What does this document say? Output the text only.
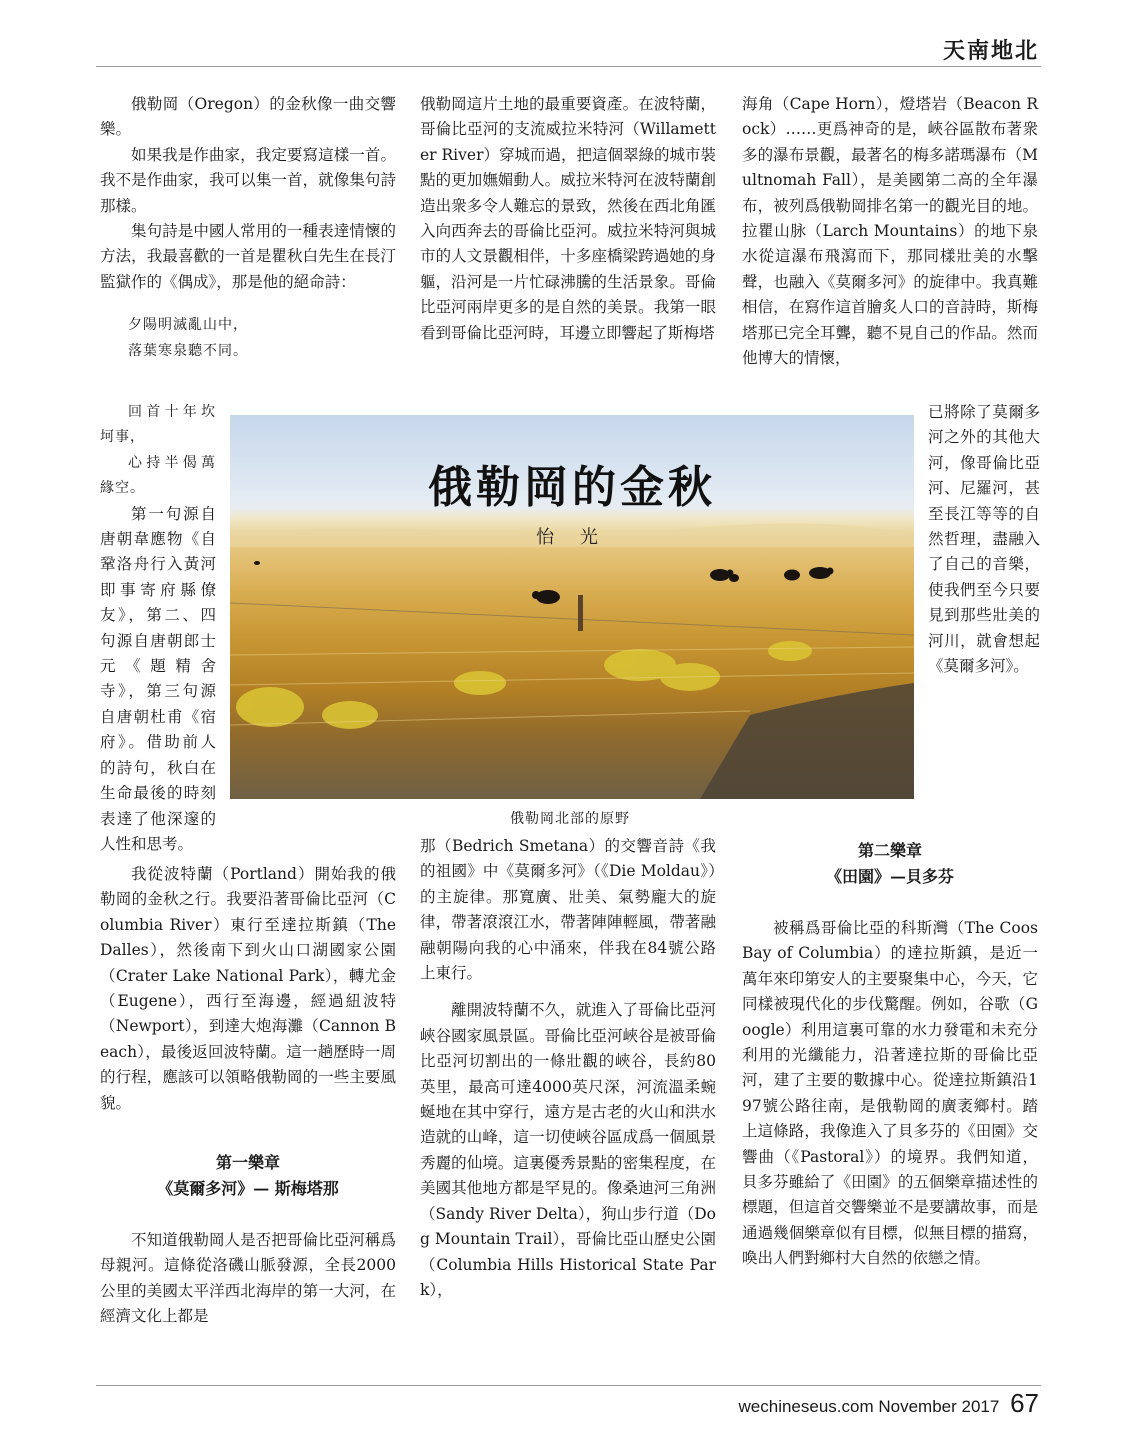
天南地北

俄勒岡（Oregon）的金秋像一曲交響樂。

如果我是作曲家，我定要寫這樣一首。我不是作曲家，我可以集一首，就像集句詩那樣。

集句詩是中國人常用的一種表達情懷的方法，我最喜歡的一首是瞿秋白先生在長汀監獄作的《偶成》，那是他的絕命詩：

夕陽明滅亂山中，
落葉寒泉聽不同。

回首十年坎坷事，

心持半偈萬緣空。

第一句源自唐朝韋應物《自鞏洛舟行入黃河即事寄府縣僚友》，第二、四句源自唐朝郎士元《題精舍寺》，第三句源自唐朝杜甫《宿府》。借助前人的詩句，秋白在生命最後的時刻表達了他深邃的人性和思考。

我從波特蘭（Portland）開始我的俄勒岡的金秋之行。我要沿著哥倫比亞河（Columbia River）東行至達拉斯鎮（The Dalles），然後南下到火山口湖國家公園（Crater Lake National Park），轉尤金（Eugene），西行至海邊，經過紐波特（Newport），到達大炮海灘（Cannon Beach），最後返回波特蘭。這一趟歷時一周的行程，應該可以領略俄勒岡的一些主要風貌。

第一樂章
《莫爾多河》— 斯梅塔那

不知道俄勒岡人是否把哥倫比亞河稱爲母親河。這條從洛磯山脈發源，全長2000公里的美國太平洋西北海岸的第一大河，在經濟文化上都是

俄勒岡這片土地的最重要資產。在波特蘭，哥倫比亞河的支流威拉米特河（Willametter River）穿城而過，把這個翠綠的城市裝點的更加嫵媚動人。威拉米特河在波特蘭創造出衆多令人難忘的景致，然後在西北角匯入向西奔去的哥倫比亞河。威拉米特河與城市的人文景觀相伴，十多座橋梁跨過她的身軀，沿河是一片忙碌沸騰的生活景象。哥倫比亞河兩岸更多的是自然的美景。我第一眼看到哥倫比亞河時，耳邊立即響起了斯梅塔

那（Bedrich Smetana）的交響音詩《我的祖國》中《莫爾多河》（《Die Moldau》）的主旋律。那寬廣、壯美、氣勢龐大的旋律，帶著滾滾江水，帶著陣陣輕風，帶著融融朝陽向我的心中涌來，伴我在84號公路上東行。

離開波特蘭不久，就進入了哥倫比亞河峽谷國家風景區。哥倫比亞河峽谷是被哥倫比亞河切割出的一條壯觀的峽谷，長約80英里，最高可達4000英尺深，河流溫柔蜿蜒地在其中穿行，遠方是古老的火山和洪水造就的山峰，這一切使峽谷區成爲一個風景秀麗的仙境。這裏優秀景點的密集程度，在美國其他地方都是罕見的。像桑迪河三角洲（Sandy River Delta），狗山步行道（Dog Mountain Trail），哥倫比亞山歷史公園（Columbia Hills Historical State Park），

海角（Cape Horn），燈塔岩（Beacon Rock）……更爲神奇的是，峽谷區散布著衆多的瀑布景觀，最著名的梅多諾瑪瀑布（Multnomah Fall），是美國第二高的全年瀑布，被列爲俄勒岡排名第一的觀光目的地。拉瞿山脉（Larch Mountains）的地下泉水從這瀑布飛瀉而下，那同樣壯美的水擊聲，也融入《莫爾多河》的旋律中。我真難相信，在寫作這首膾炙人口的音詩時，斯梅塔那已完全耳聾，聽不見自己的作品。然而他博大的情懷，

已將除了莫爾多河之外的其他大河，像哥倫比亞河、尼羅河，甚至長江等等的自然哲理，盡融入了自己的音樂，使我們至今只要見到那些壯美的河川，就會想起《莫爾多河》。

第二樂章
《田園》—貝多芬

被稱爲哥倫比亞的科斯灣（The Coos Bay of Columbia）的達拉斯鎮，是近一萬年來印第安人的主要聚集中心，今天，它同樣被現代化的步伐驚醒。例如，谷歌（Google）利用這裏可靠的水力發電和未充分利用的光纖能力，沿著達拉斯的哥倫比亞河，建了主要的數據中心。從達拉斯鎮沿197號公路往南，是俄勒岡的廣袤鄉村。踏上這條路，我像進入了貝多芬的《田園》交響曲（《Pastoral》）的境界。我們知道，貝多芬雖給了《田園》的五個樂章描述性的標題，但這首交響樂並不是要講故事，而是通過幾個樂章似有目標，似無目標的描寫，喚出人們對鄉村大自然的依戀之情。

俄勒岡的金秋
怡 光
俄勒岡北部的原野
wechineseus.com November 2017 67
